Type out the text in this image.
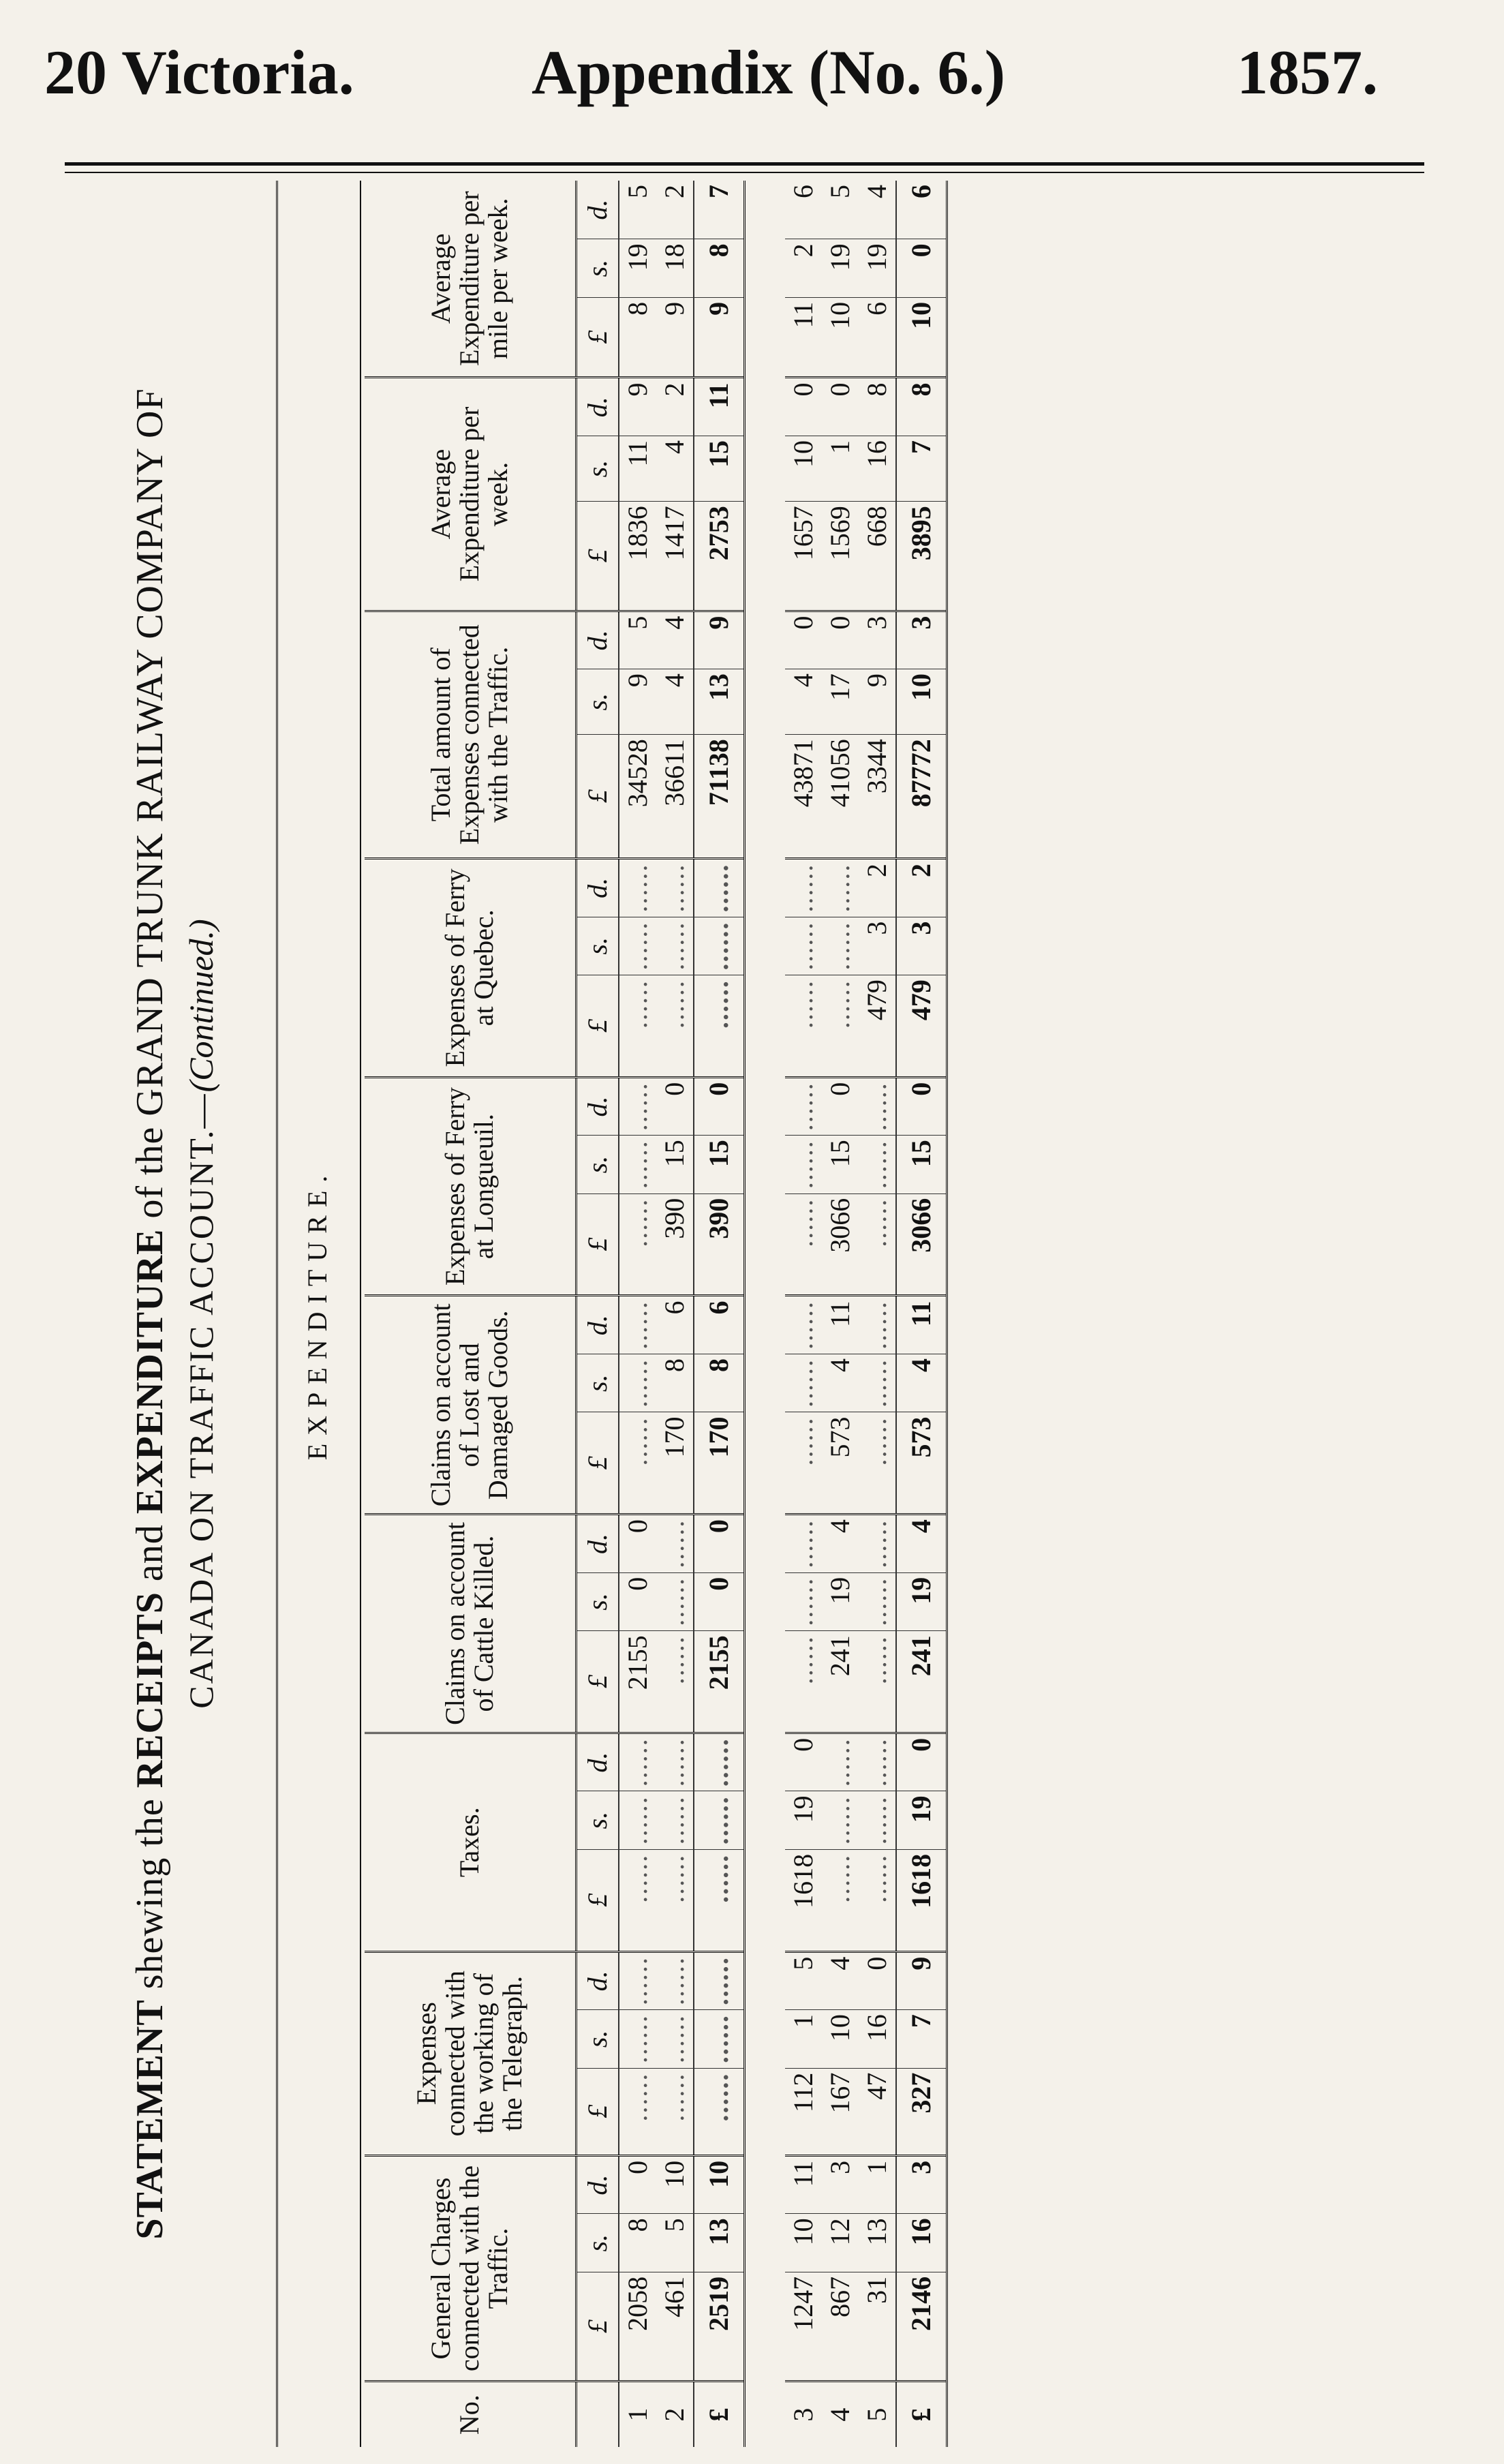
20 Victoria.	Appendix (No. 6.)	1857.
STATEMENT shewing the RECEIPTS and EXPENDITURE of the GRAND TRUNK RAILWAY COMPANY OF
CANADA ON TRAFFIC ACCOUNT.—(Continued.)
EXPENDITURE.
No.	General Charges connected with the Traffic.			Expenses connected with the working of the Telegraph.			Taxes.			Claims on account of Cattle Killed.			Claims on account of Lost and Damaged Goods.			Expenses of Ferry at Longueuil.			Expenses of Ferry at Quebec.			Total amount of Expenses connected with the Traffic.			Average Expenditure per week.			Average Expenditure per mile per week.		
	£	s.	d.	£	s.	d.	£	s.	d.	£	s.	d.	£	s.	d.	£	s.	d.	£	s.	d.	£	s.	d.	£	s.	d.	£	s.	d.
1	2058	8	0	......	......	......	......	......	......	2155	0	0	......	......	......	......	......	......	......	......	......	34528	9	5	1836	11	9	8	19	5
2	461	5	10	......	......	......	......	......	......	......	......	......	170	8	6	390	15	0	......	......	......	36611	4	4	1417	4	2	9	18	2
£	2519	13	10	......	......	......	......	......	......	2155	0	0	170	8	6	390	15	0	......	......	......	71138	13	9	2753	15	11	9	8	7

3	1247	10	11	112	1	5	1618	19	0	......	......	......	......	......	......	......	......	......	......	......	......	43871	4	0	1657	10	0	11	2	6
4	867	12	3	167	10	4	......	......	......	241	19	4	573	4	11	3066	15	0	......	......	......	41056	17	0	1569	1	0	10	19	5
5	31	13	1	47	16	0	......	......	......	......	......	......	......	......	......	......	......	......	479	3	2	3344	9	3	668	16	8	6	19	4
£	2146	16	3	327	7	9	1618	19	0	241	19	4	573	4	11	3066	15	0	479	3	2	87772	10	3	3895	7	8	10	0	6
